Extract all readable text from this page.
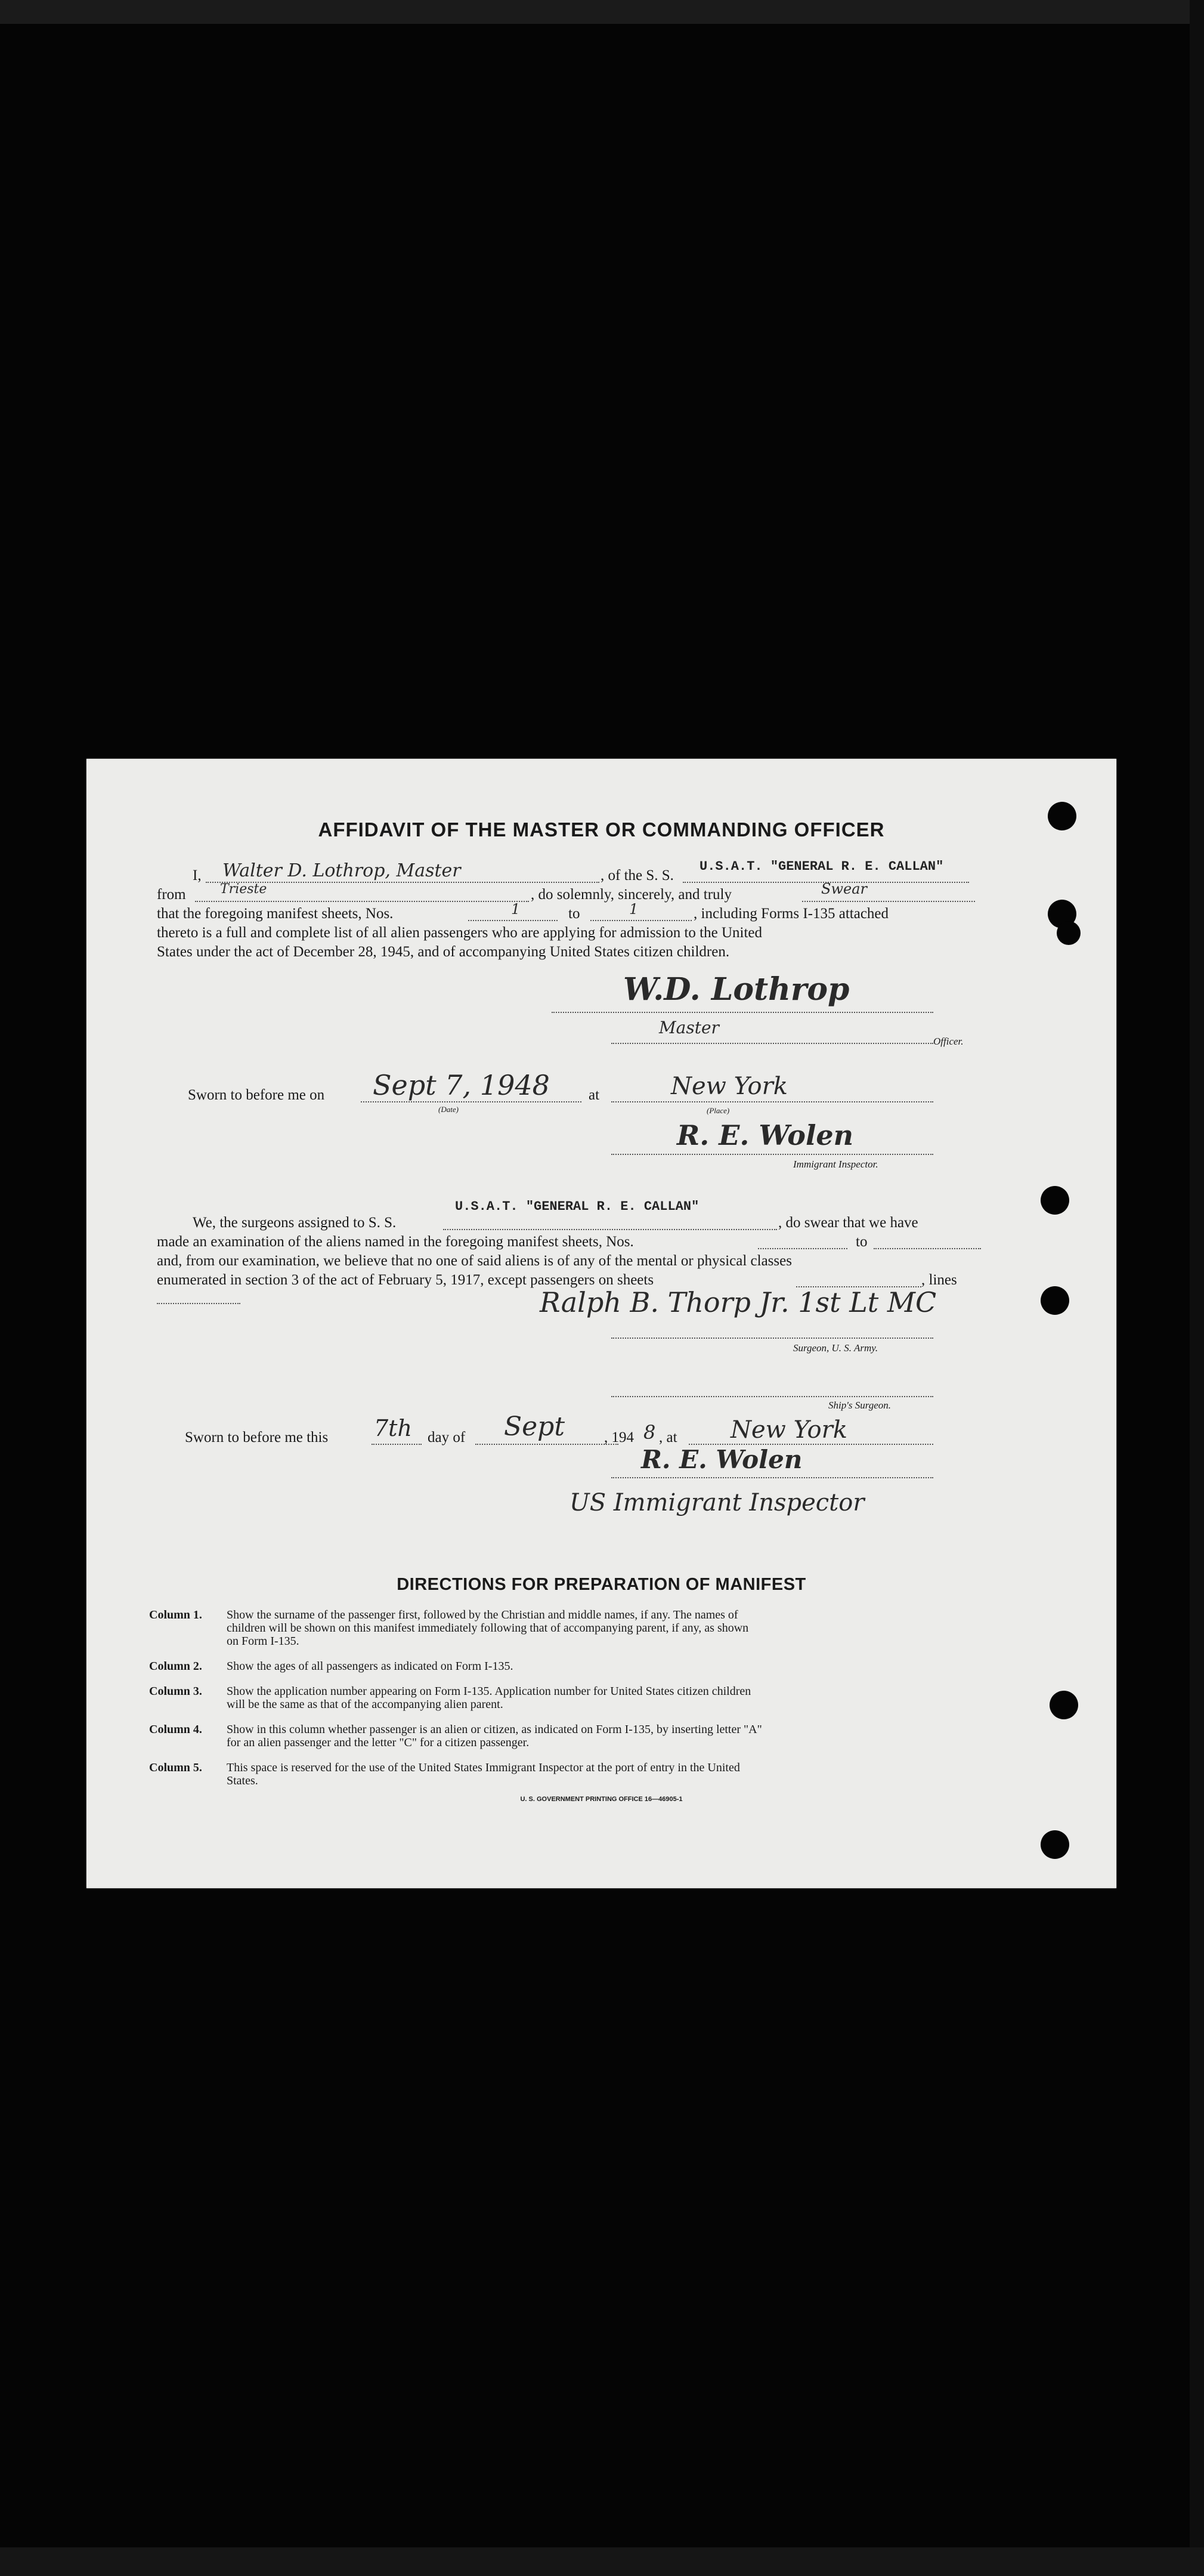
AFFIDAVIT OF THE MASTER OR COMMANDING OFFICER
I, Walter D. Lothrop, Master	, of the S. S.
U.S.A.T. "GENERAL R. E. CALLAN"
from	Trieste	, do solemnly, sincerely, and truly	Swear
that the foregoing manifest sheets, Nos.	1	to	1	, including Forms I-135 attached
thereto is a full and complete list of all alien passengers who are applying for admission to the United
States under the act of December 28, 1945, and of accompanying United States citizen children.
W.D. Lothrop
Master
Officer.
Sworn to before me on Sept 7, 1948
(Date)
at	New York
(Place)
R. E. Wolen
Immigrant Inspector.
U.S.A.T. "GENERAL R. E. CALLAN"
We, the surgeons assigned to S. S.	, do swear that we have
made an examination of the aliens named in the foregoing manifest sheets, Nos.	to
and, from our examination, we believe that no one of said aliens is of any of the mental or physical classes
enumerated in section 3 of the act of February 5, 1917, except passengers on sheets	, lines
Ralph B. Thorp Jr. 1st Lt MC
Surgeon, U. S. Army.
Ship's Surgeon.
Sworn to before me this 7th day of Sept	, 194 8 , at New York
R. E. Wolen
US Immigrant Inspector
DIRECTIONS FOR PREPARATION OF MANIFEST
Column 1.	Show the surname of the passenger first, followed by the Christian and middle names, if any. The names of
children will be shown on this manifest immediately following that of accompanying parent, if any, as shown
on Form I-135.
Column 2.	Show the ages of all passengers as indicated on Form I-135.
Column 3.	Show the application number appearing on Form I-135. Application number for United States citizen children
will be the same as that of the accompanying alien parent.
Column 4.	Show in this column whether passenger is an alien or citizen, as indicated on Form I-135, by inserting letter "A"
for an alien passenger and the letter "C" for a citizen passenger.
Column 5.	This space is reserved for the use of the United States Immigrant Inspector at the port of entry in the United
States.
U. S. GOVERNMENT PRINTING OFFICE 16—46905-1
